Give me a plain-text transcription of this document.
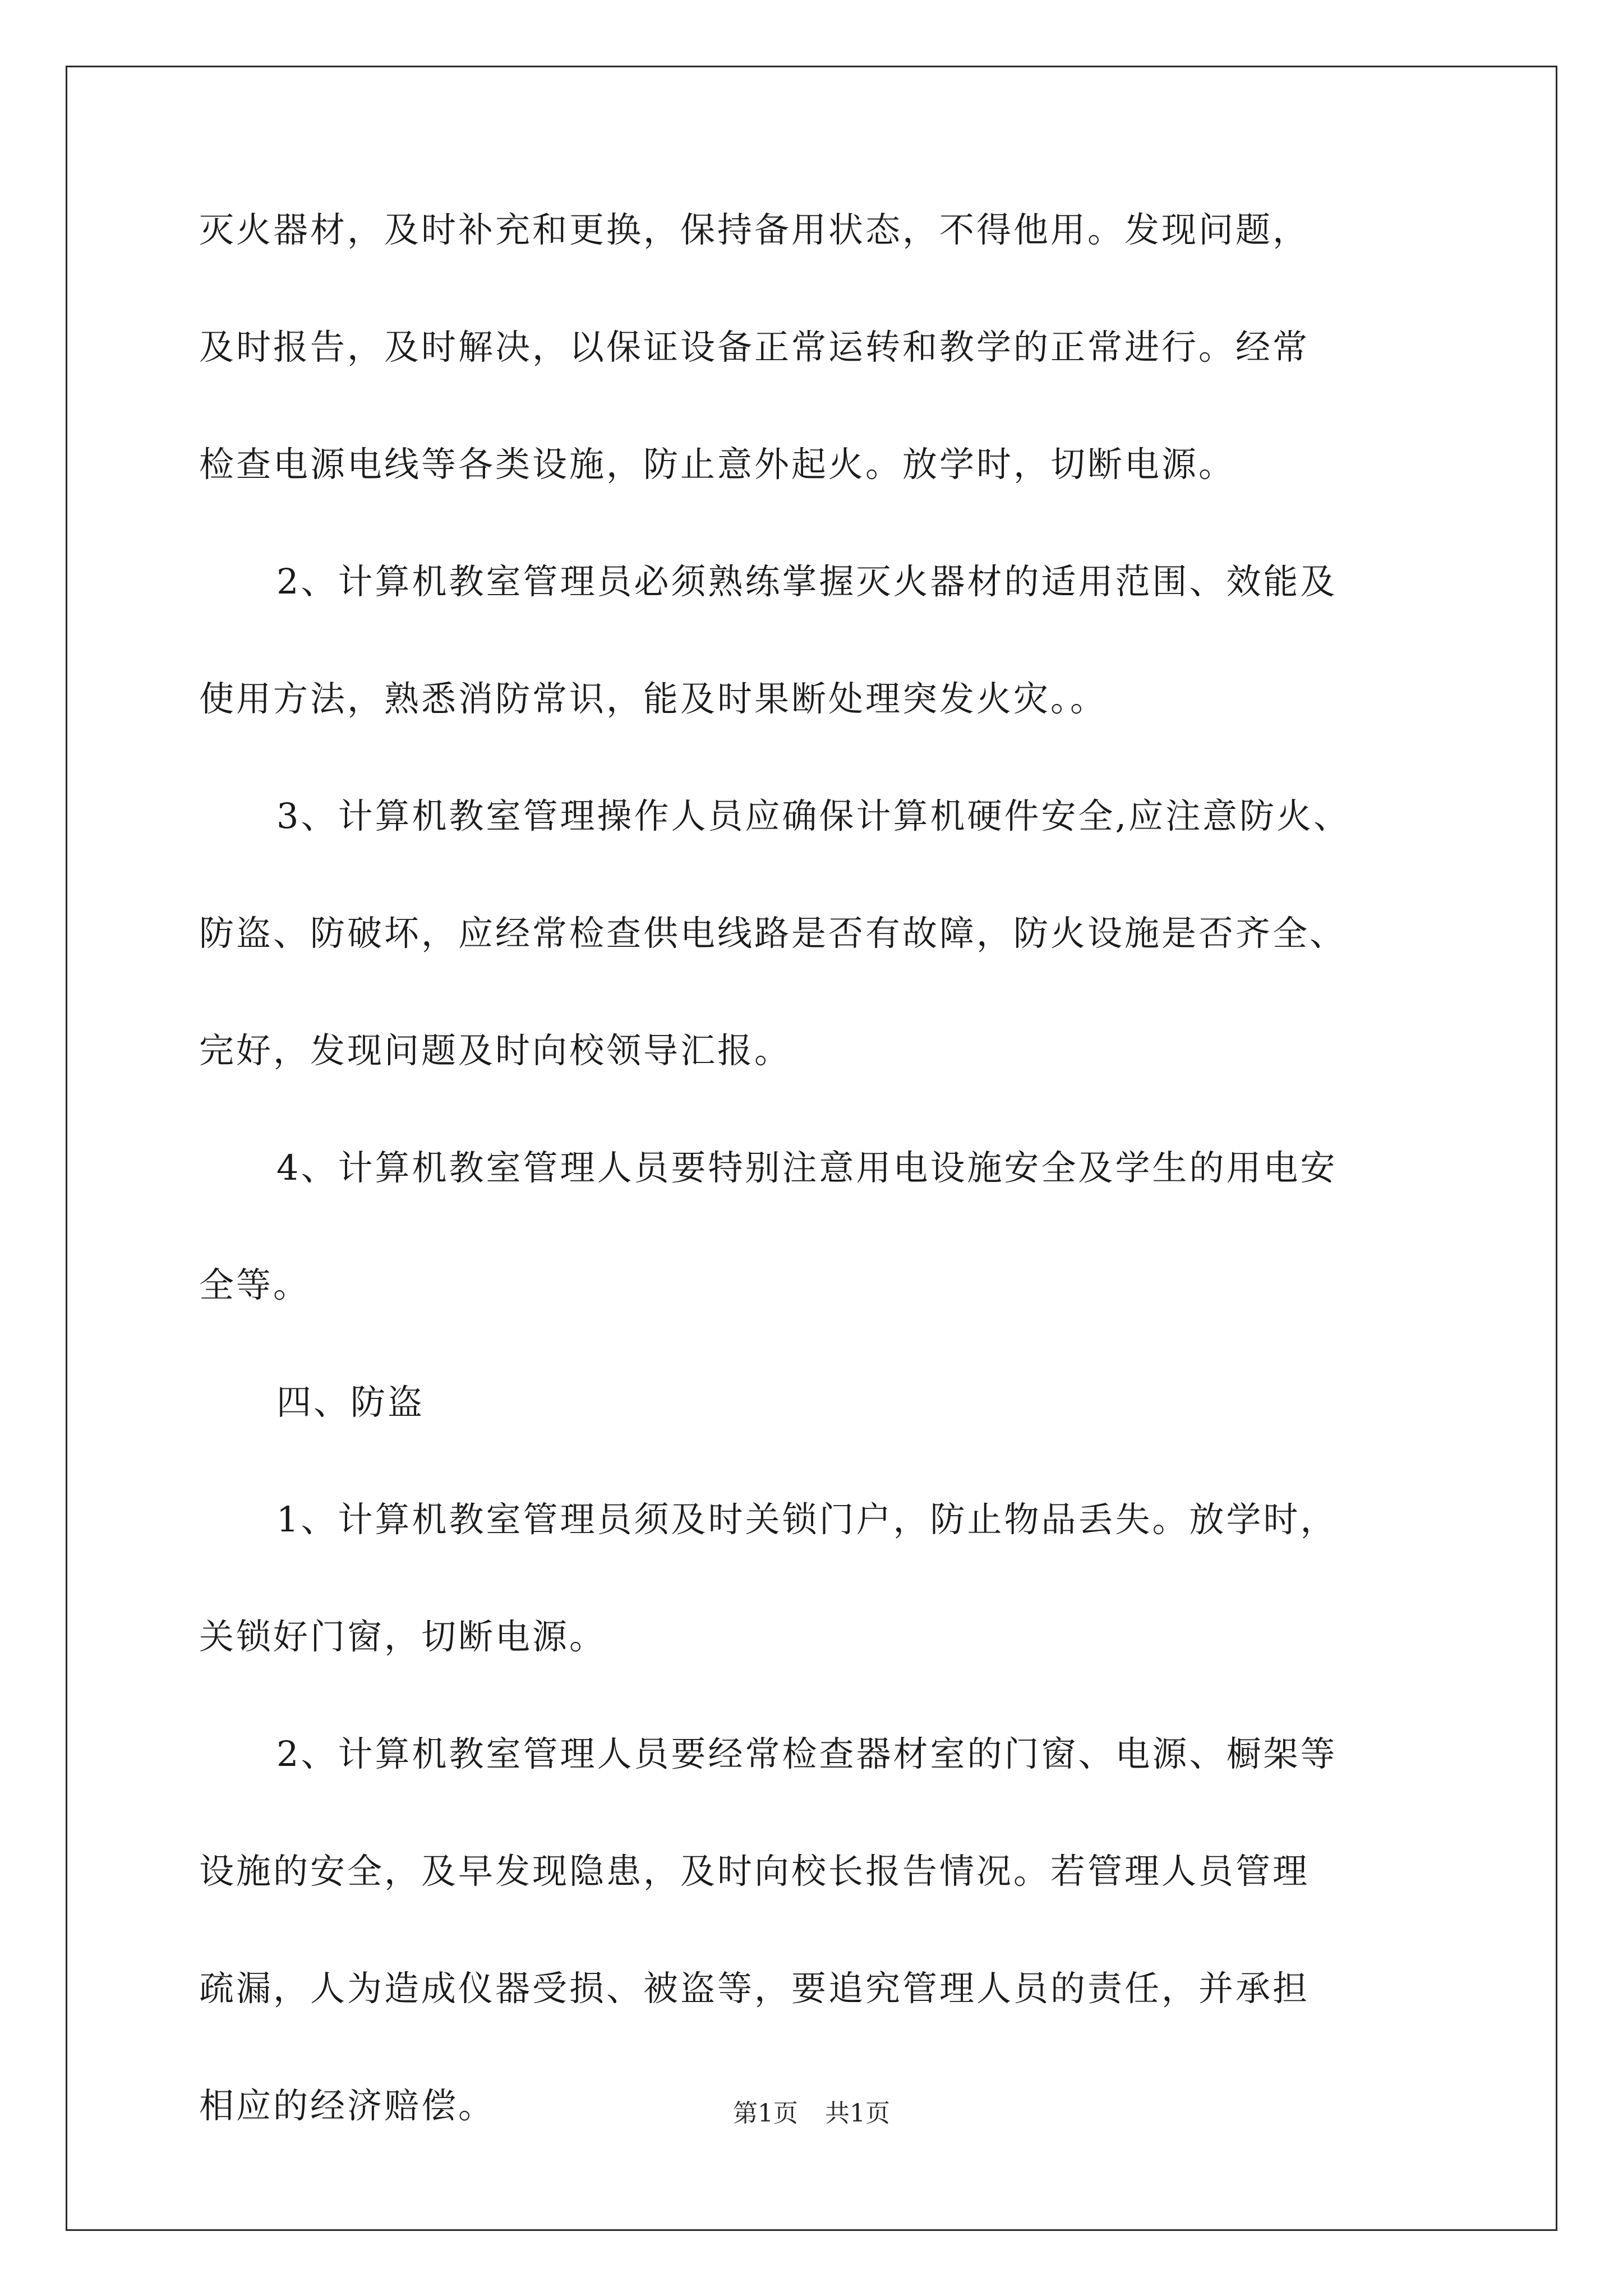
灭火器材，及时补充和更换，保持备用状态，不得他用。发现问题，
及时报告，及时解决，以保证设备正常运转和教学的正常进行。经常
检查电源电线等各类设施，防止意外起火。放学时，切断电源。
2、计算机教室管理员必须熟练掌握灭火器材的适用范围、效能及
使用方法，熟悉消防常识，能及时果断处理突发火灾。。
3、计算机教室管理操作人员应确保计算机硬件安全,应注意防火、
防盗、防破坏，应经常检查供电线路是否有故障，防火设施是否齐全、
完好，发现问题及时向校领导汇报。
4、计算机教室管理人员要特别注意用电设施安全及学生的用电安
全等。
四、防盗
1、计算机教室管理员须及时关锁门户，防止物品丢失。放学时，
关锁好门窗，切断电源。
2、计算机教室管理人员要经常检查器材室的门窗、电源、橱架等
设施的安全，及早发现隐患，及时向校长报告情况。若管理人员管理
疏漏，人为造成仪器受损、被盗等，要追究管理人员的责任，并承担
相应的经济赔偿。	第1页 共1页
